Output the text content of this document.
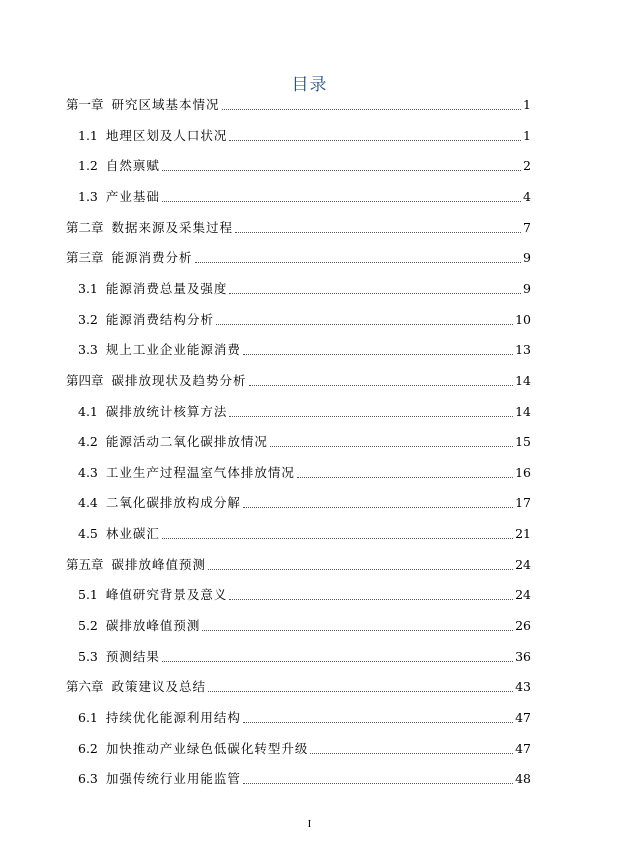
目录
第一章 研究区域基本情况	1
1.1 地理区划及人口状况	1
1.2 自然禀赋	2
1.3 产业基础	4
第二章 数据来源及采集过程	7
第三章 能源消费分析	9
3.1 能源消费总量及强度	9
3.2 能源消费结构分析	10
3.3 规上工业企业能源消费	13
第四章 碳排放现状及趋势分析	14
4.1 碳排放统计核算方法	14
4.2 能源活动二氧化碳排放情况	15
4.3 工业生产过程温室气体排放情况	16
4.4 二氧化碳排放构成分解	17
4.5 林业碳汇	21
第五章 碳排放峰值预测	24
5.1 峰值研究背景及意义	24
5.2 碳排放峰值预测	26
5.3 预测结果	36
第六章 政策建议及总结	43
6.1 持续优化能源利用结构	47
6.2 加快推动产业绿色低碳化转型升级	47
6.3 加强传统行业用能监管	48
I
